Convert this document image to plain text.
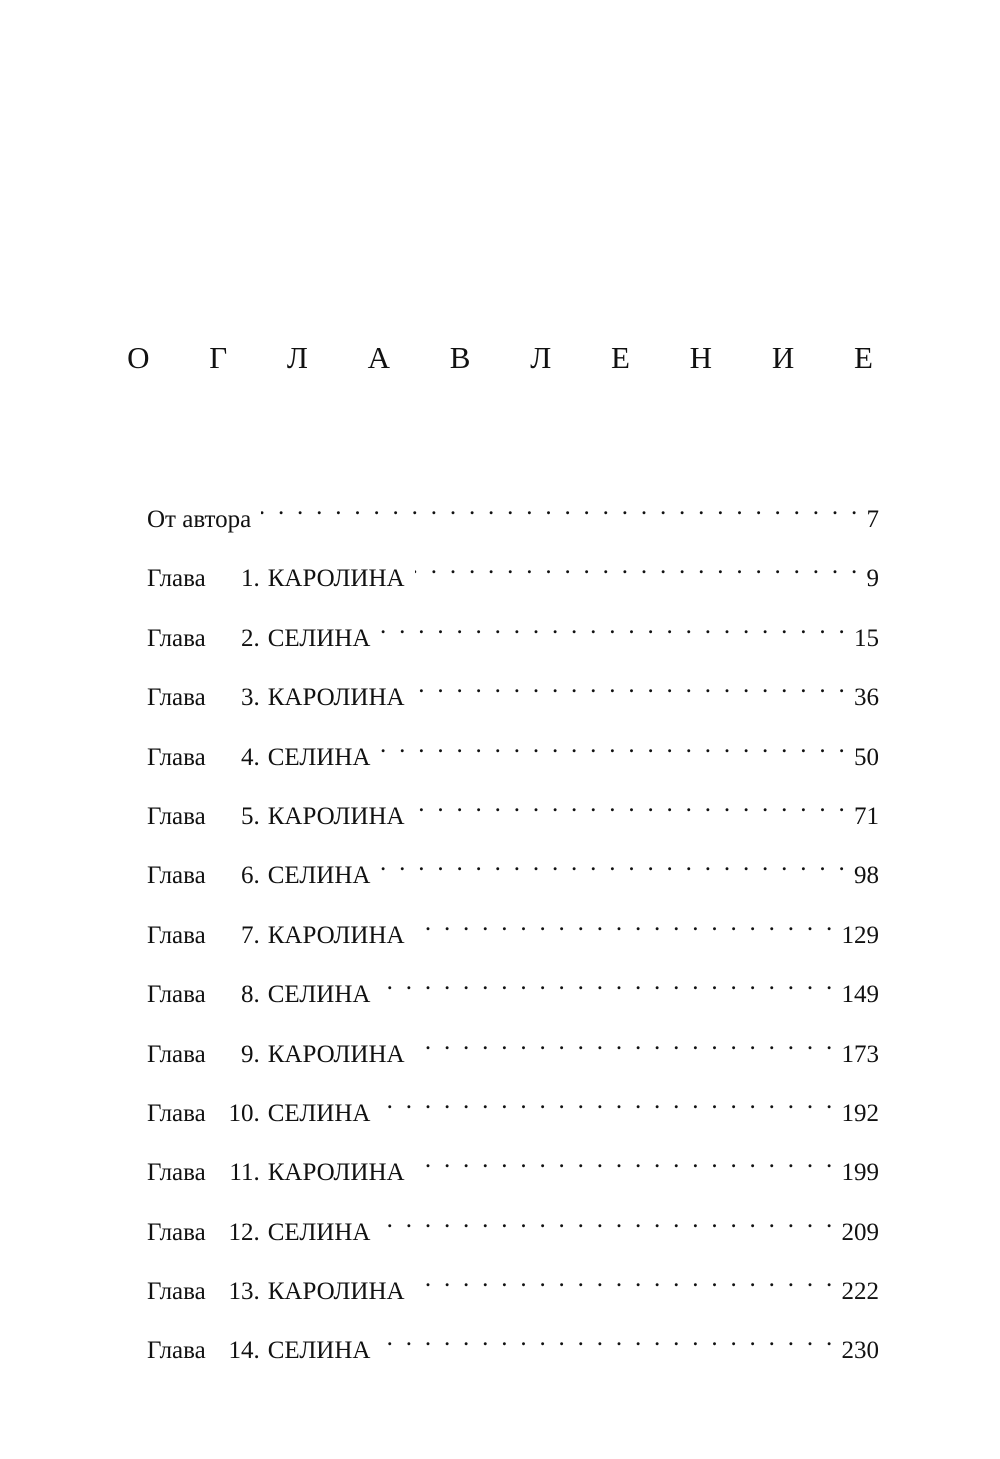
О Г Л А В Л Е Н И Е
От автора . . .	7
Глава	1. КАРОЛИНА . . .	9
Глава	2. СЕЛИНА . . .	15
Глава	3. КАРОЛИНА . . .	36
Глава	4. СЕЛИНА . . .	50
Глава	5. КАРОЛИНА . . .	71
Глава	6. СЕЛИНА . . .	98
Глава	7. КАРОЛИНА . . .	129
Глава	8. СЕЛИНА . . .	149
Глава	9. КАРОЛИНА . . .	173
Глава 10. СЕЛИНА . . .	192
Глава 11. КАРОЛИНА . . .	199
Глава 12. СЕЛИНА . . .	209
Глава 13. КАРОЛИНА . . .	222
Глава 14. СЕЛИНА . . .	230
